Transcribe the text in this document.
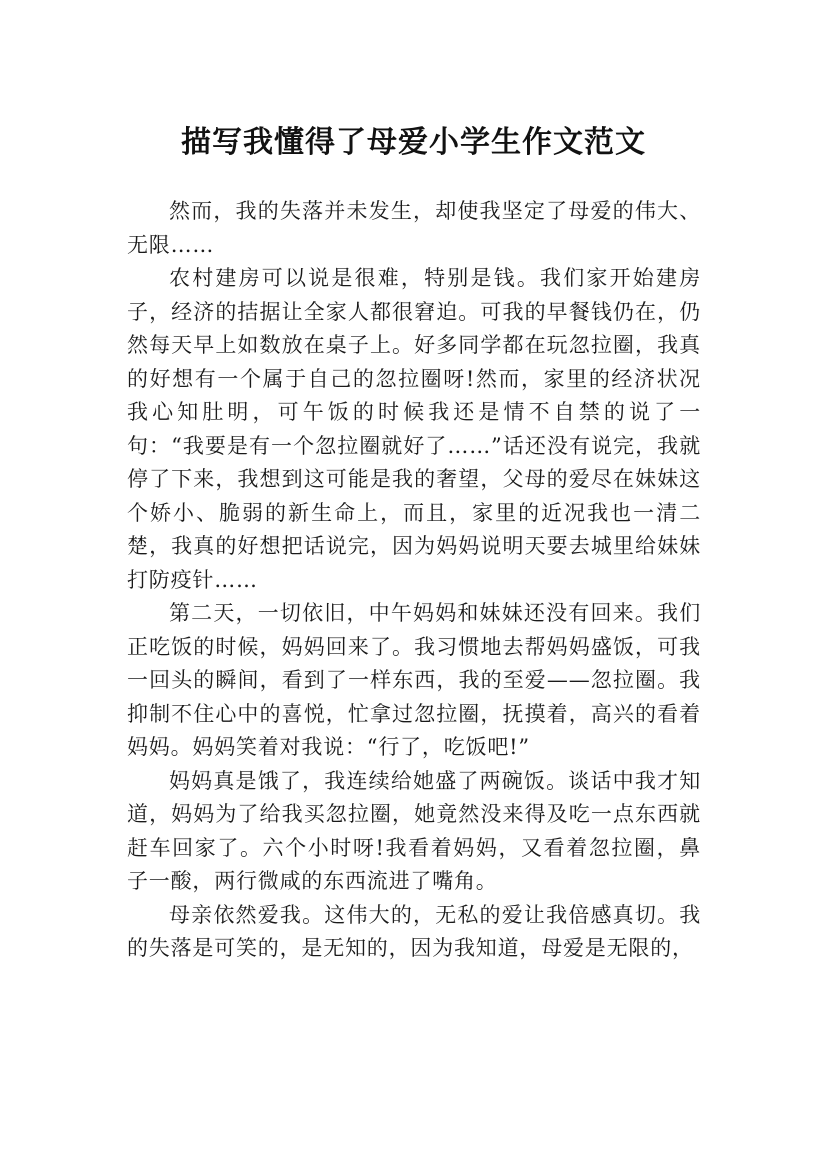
描写我懂得了母爱小学生作文范文

然而，我的失落并未发生，却使我坚定了母爱的伟大、无限……

农村建房可以说是很难，特别是钱。我们家开始建房子，经济的拮据让全家人都很窘迫。可我的早餐钱仍在，仍然每天早上如数放在桌子上。好多同学都在玩忽拉圈，我真的好想有一个属于自己的忽拉圈呀!然而，家里的经济状况我心知肚明，可午饭的时候我还是情不自禁的说了一句：“我要是有一个忽拉圈就好了……”话还没有说完，我就停了下来，我想到这可能是我的奢望，父母的爱尽在妹妹这个娇小、脆弱的新生命上，而且，家里的近况我也一清二楚，我真的好想把话说完，因为妈妈说明天要去城里给妹妹打防疫针……

第二天，一切依旧，中午妈妈和妹妹还没有回来。我们正吃饭的时候，妈妈回来了。我习惯地去帮妈妈盛饭，可我一回头的瞬间，看到了一样东西，我的至爱——忽拉圈。我抑制不住心中的喜悦，忙拿过忽拉圈，抚摸着，高兴的看着妈妈。妈妈笑着对我说：“行了，吃饭吧!”

妈妈真是饿了，我连续给她盛了两碗饭。谈话中我才知道，妈妈为了给我买忽拉圈，她竟然没来得及吃一点东西就赶车回家了。六个小时呀!我看着妈妈，又看着忽拉圈，鼻子一酸，两行微咸的东西流进了嘴角。

母亲依然爱我。这伟大的，无私的爱让我倍感真切。我的失落是可笑的，是无知的，因为我知道，母爱是无限的，
